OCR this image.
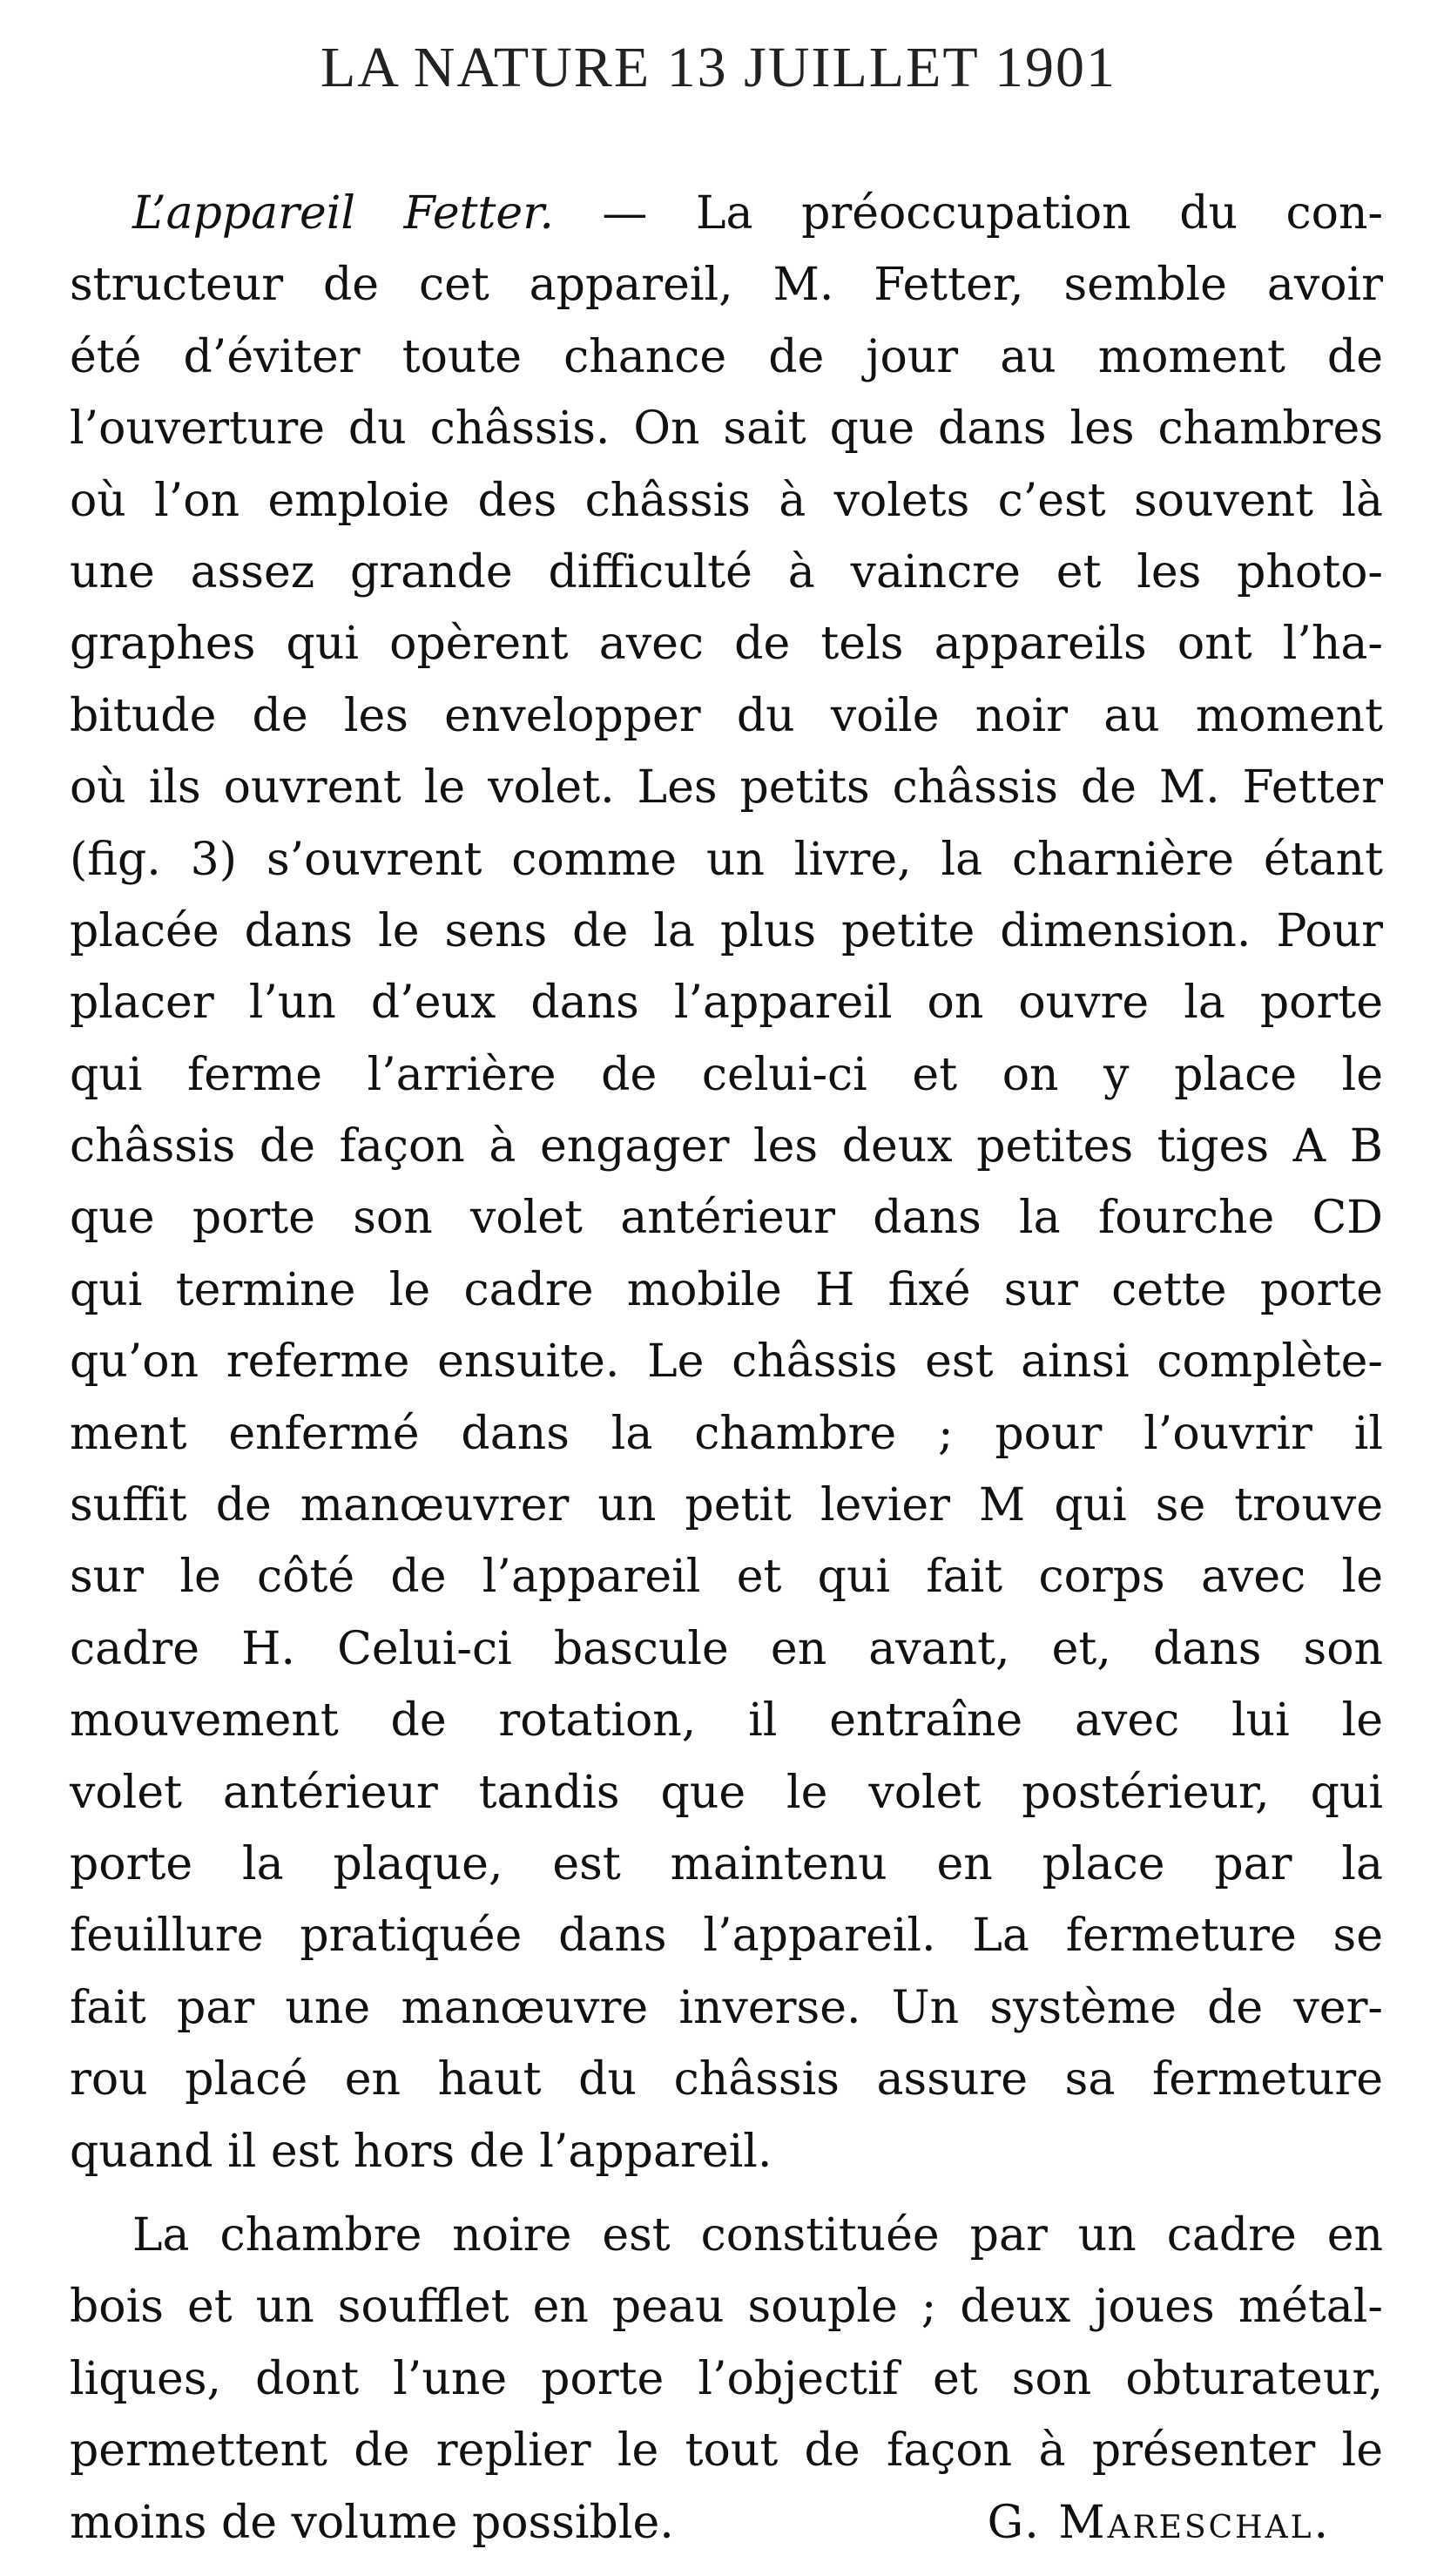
LA NATURE 13 JUILLET 1901
L’appareil Fetter. — La préoccupation du con-
structeur de cet appareil, M. Fetter, semble avoir
été d’éviter toute chance de jour au moment de
l’ouverture du châssis. On sait que dans les chambres
où l’on emploie des châssis à volets c’est souvent là
une assez grande difficulté à vaincre et les photo-
graphes qui opèrent avec de tels appareils ont l’ha-
bitude de les envelopper du voile noir au moment
où ils ouvrent le volet. Les petits châssis de M. Fetter
(fig. 3) s’ouvrent comme un livre, la charnière étant
placée dans le sens de la plus petite dimension. Pour
placer l’un d’eux dans l’appareil on ouvre la porte
qui ferme l’arrière de celui-ci et on y place le
châssis de façon à engager les deux petites tiges A B
que porte son volet antérieur dans la fourche CD
qui termine le cadre mobile H fixé sur cette porte
qu’on referme ensuite. Le châssis est ainsi complète-
ment enfermé dans la chambre ; pour l’ouvrir il
suffit de manœuvrer un petit levier M qui se trouve
sur le côté de l’appareil et qui fait corps avec le
cadre H. Celui-ci bascule en avant, et, dans son
mouvement de rotation, il entraîne avec lui le
volet antérieur tandis que le volet postérieur, qui
porte la plaque, est maintenu en place par la
feuillure pratiquée dans l’appareil. La fermeture se
fait par une manœuvre inverse. Un système de ver-
rou placé en haut du châssis assure sa fermeture
quand il est hors de l’appareil.
La chambre noire est constituée par un cadre en
bois et un soufflet en peau souple ; deux joues métal-
liques, dont l’une porte l’objectif et son obturateur,
permettent de replier le tout de façon à présenter le
moins de volume possible.	G. Mareschal.
